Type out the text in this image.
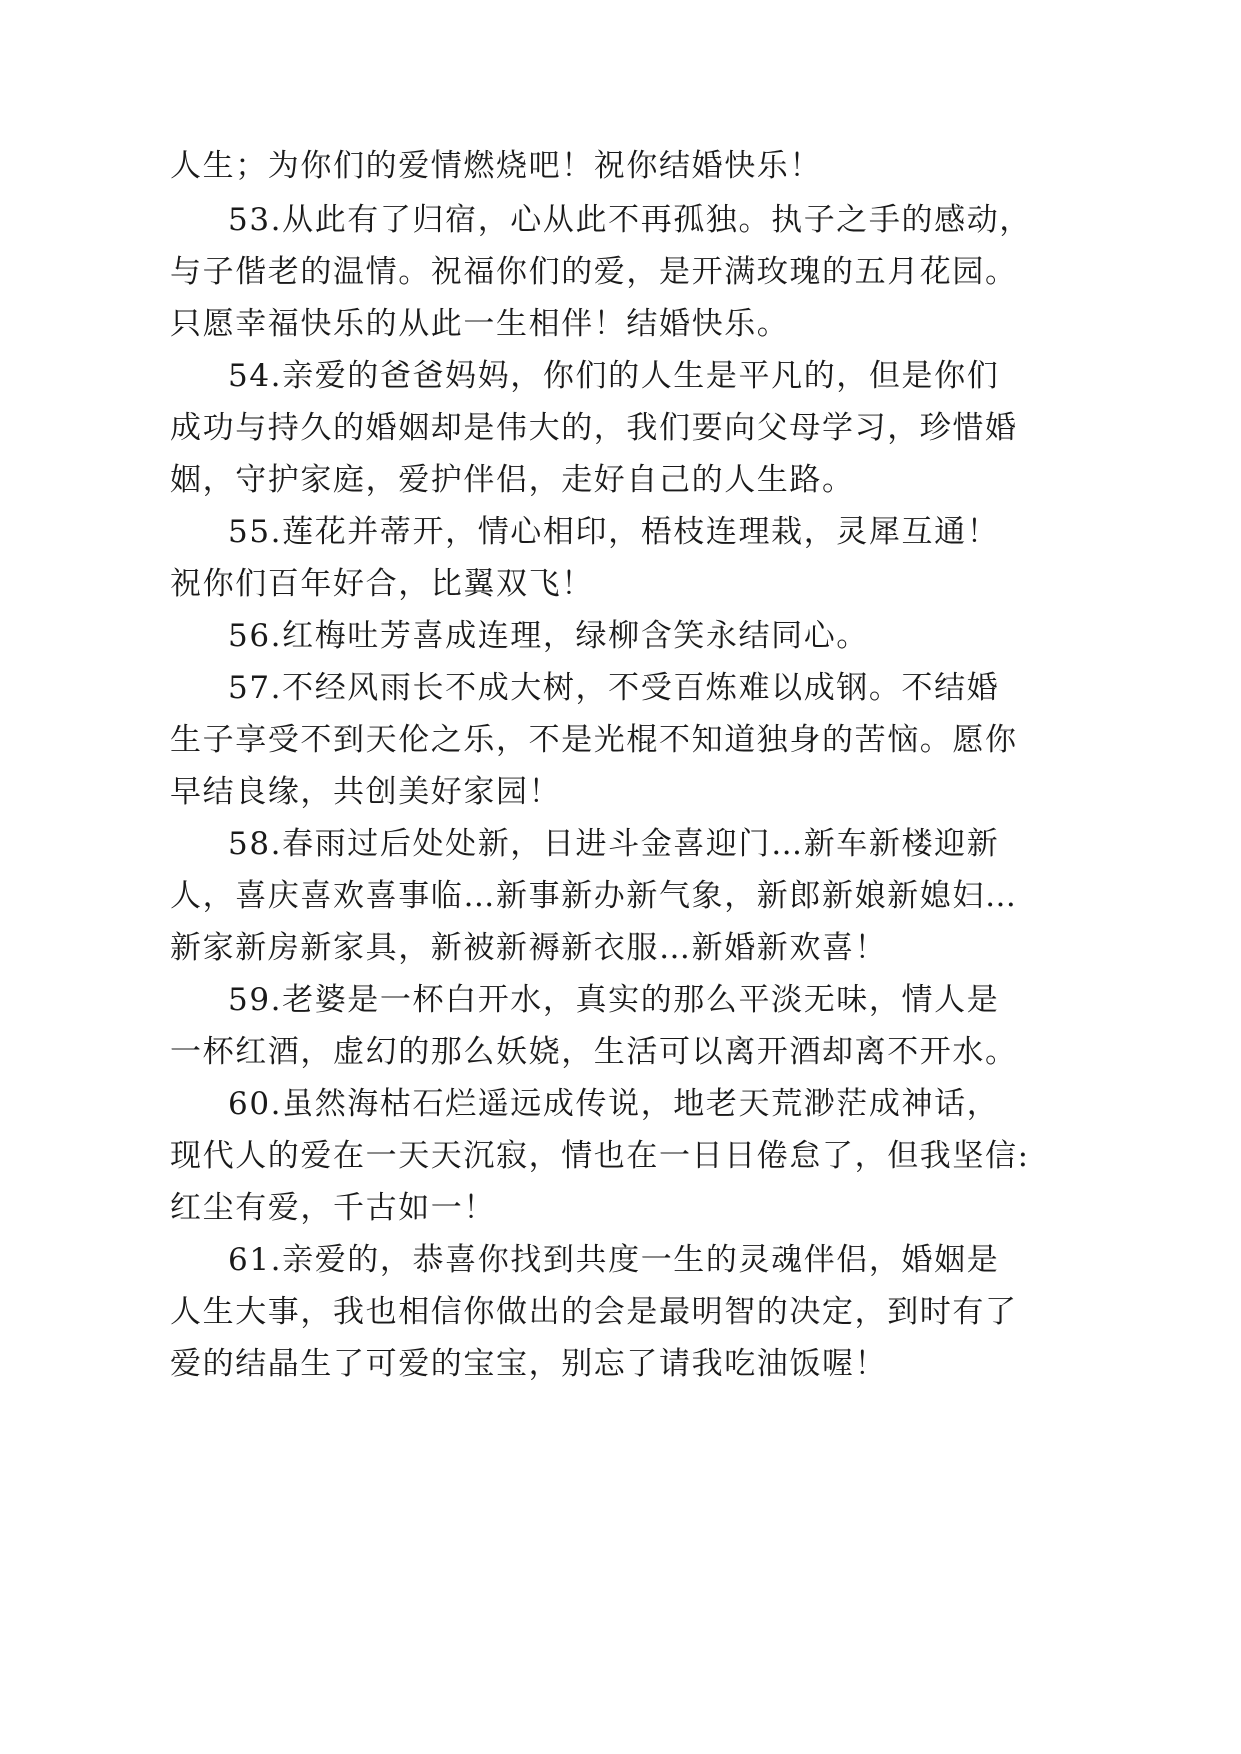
人生；为你们的爱情燃烧吧！祝你结婚快乐！
53.从此有了归宿，心从此不再孤独。执子之手的感动，
与子偕老的温情。祝福你们的爱，是开满玫瑰的五月花园。
只愿幸福快乐的从此一生相伴！结婚快乐。
54.亲爱的爸爸妈妈，你们的人生是平凡的，但是你们
成功与持久的婚姻却是伟大的，我们要向父母学习，珍惜婚
姻，守护家庭，爱护伴侣，走好自己的人生路。
55.莲花并蒂开，情心相印，梧枝连理栽，灵犀互通！
祝你们百年好合，比翼双飞！
56.红梅吐芳喜成连理，绿柳含笑永结同心。
57.不经风雨长不成大树，不受百炼难以成钢。不结婚
生子享受不到天伦之乐，不是光棍不知道独身的苦恼。愿你
早结良缘，共创美好家园！
58.春雨过后处处新，日进斗金喜迎门…新车新楼迎新
人，喜庆喜欢喜事临…新事新办新气象，新郎新娘新媳妇…
新家新房新家具，新被新褥新衣服…新婚新欢喜！
59.老婆是一杯白开水，真实的那么平淡无味，情人是
一杯红酒，虚幻的那么妖娆，生活可以离开酒却离不开水。
60.虽然海枯石烂遥远成传说，地老天荒渺茫成神话，
现代人的爱在一天天沉寂，情也在一日日倦怠了，但我坚信:
红尘有爱，千古如一！
61.亲爱的，恭喜你找到共度一生的灵魂伴侣，婚姻是
人生大事，我也相信你做出的会是最明智的决定，到时有了
爱的结晶生了可爱的宝宝，别忘了请我吃油饭喔！
